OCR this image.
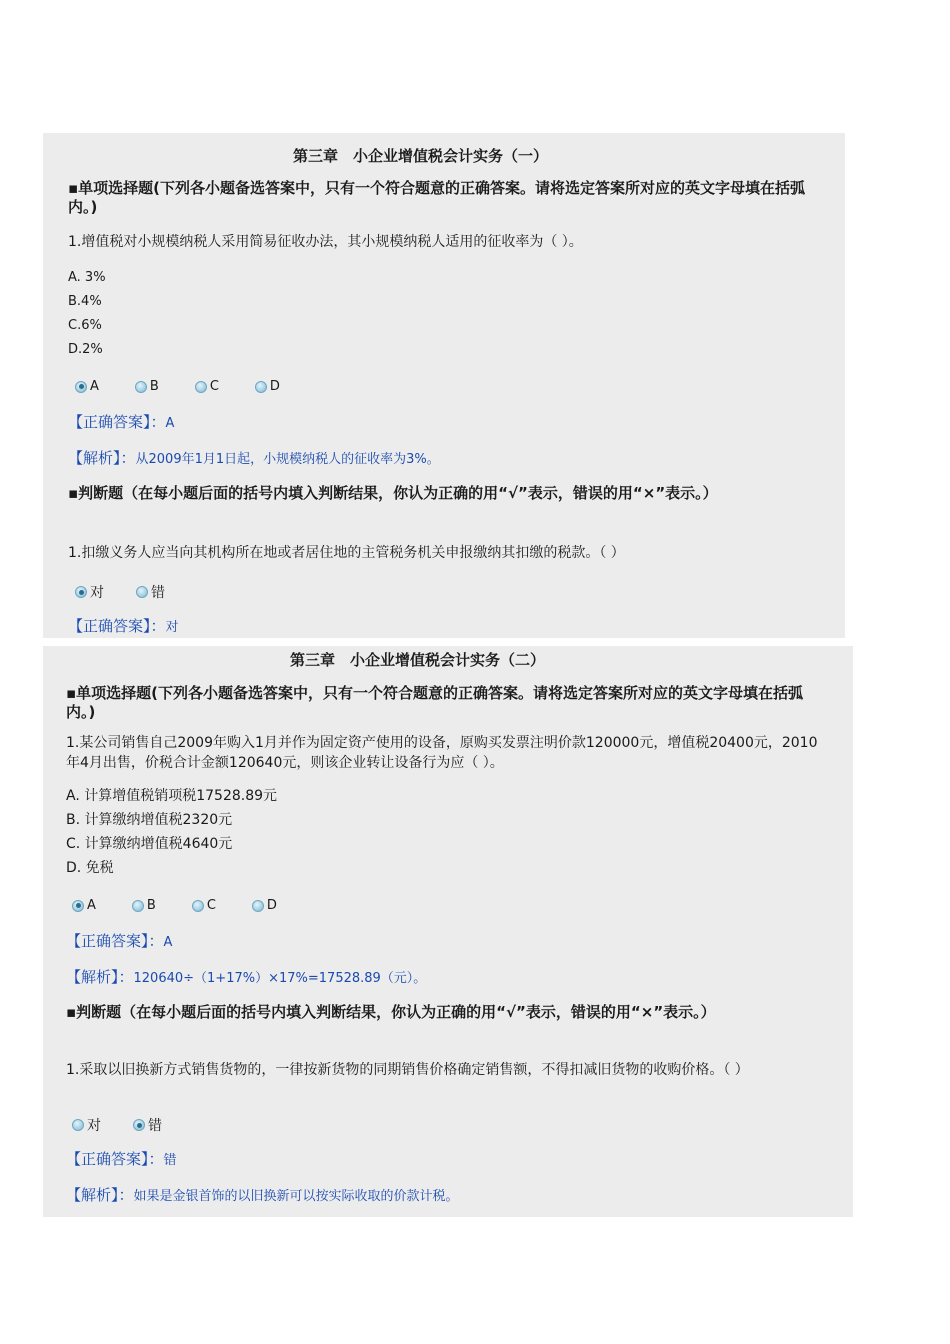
第三章　小企业增值税会计实务（一）
▪单项选择题(下列各小题备选答案中，只有一个符合题意的正确答案。请将选定答案所对应的英文字母填在括弧内。)
1.增值税对小规模纳税人采用简易征收办法，其小规模纳税人适用的征收率为（ ）。
A. 3%
B.4%
C.6%
D.2%
A	B	C	D
【正确答案】：A
【解析】：从2009年1月1日起，小规模纳税人的征收率为3%。
▪判断题（在每小题后面的括号内填入判断结果，你认为正确的用“√”表示，错误的用“×”表示。）
1.扣缴义务人应当向其机构所在地或者居住地的主管税务机关申报缴纳其扣缴的税款。（ ）
对	错
【正确答案】：对
第三章　小企业增值税会计实务（二）
▪单项选择题(下列各小题备选答案中，只有一个符合题意的正确答案。请将选定答案所对应的英文字母填在括弧内。)
1.某公司销售自己2009年购入1月并作为固定资产使用的设备，原购买发票注明价款120000元，增值税20400元，2010年4月出售，价税合计金额120640元，则该企业转让设备行为应（ ）。
A. 计算增值税销项税17528.89元
B. 计算缴纳增值税2320元
C. 计算缴纳增值税4640元
D. 免税
A	B	C	D
【正确答案】：A
【解析】：120640÷（1+17%）×17%=17528.89（元）。
▪判断题（在每小题后面的括号内填入判断结果，你认为正确的用“√”表示，错误的用“×”表示。）
1.采取以旧换新方式销售货物的，一律按新货物的同期销售价格确定销售额，不得扣减旧货物的收购价格。（ ）
对	错
【正确答案】：错
【解析】：如果是金银首饰的以旧换新可以按实际收取的价款计税。
